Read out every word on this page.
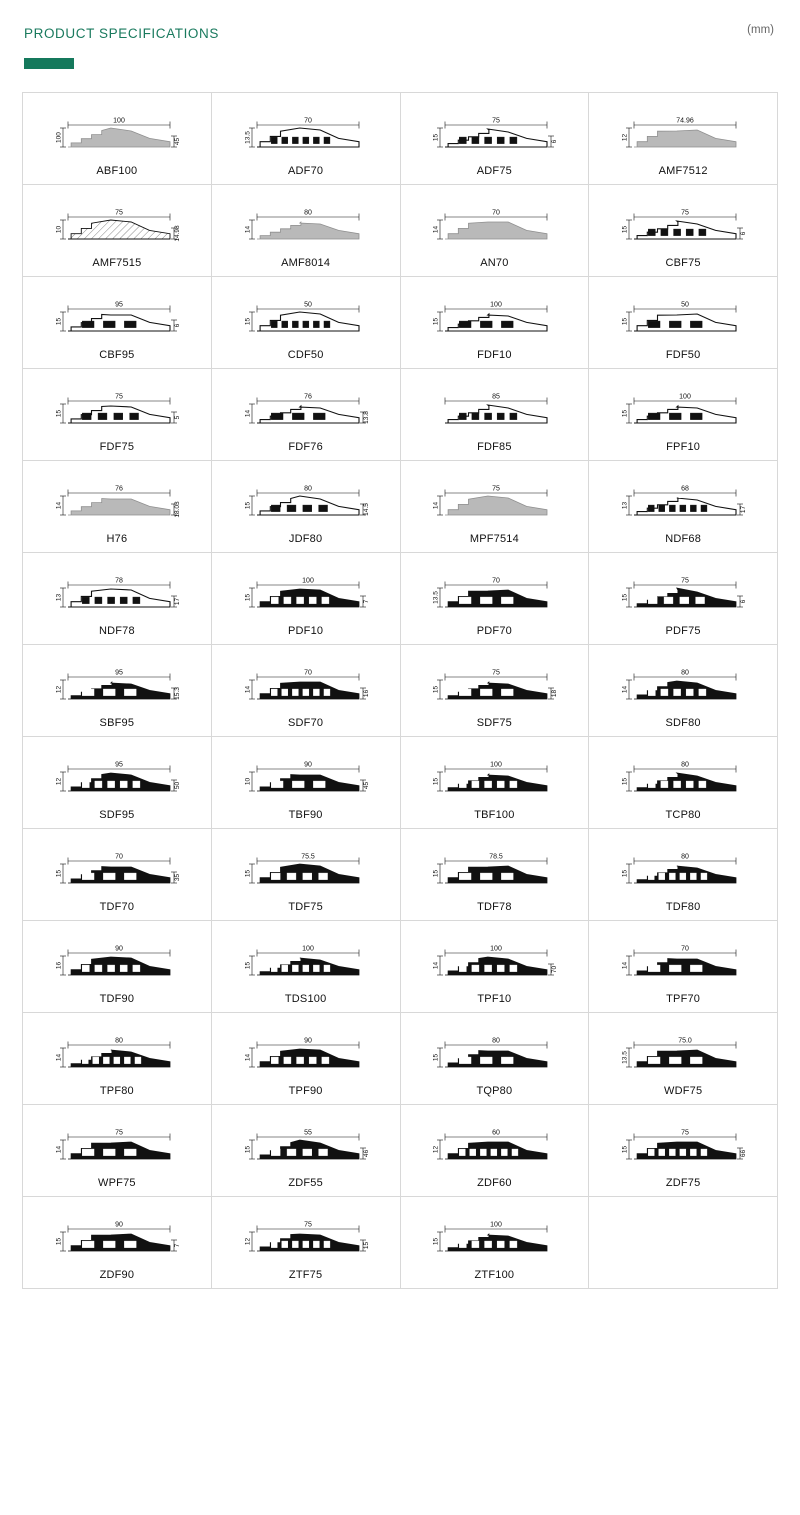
PRODUCT SPECIFICATIONS	(mm)
100
100	45
ABF100
70
13.5
ADF70
75
15
6
ADF75
74.96
12
AMF7512
75
10	14.98
AMF7515
80
14
AMF8014
70
14
AN70
75
15
6
CBF75
95
15
6
CBF95
50
15
CDF50
100
15
FDF10
50
15
FDF50
75
15
5
FDF75
76
14	13.8
FDF76
85
FDF85
100
15
FPF10
76
14	18.03
H76
80
15	14.5
JDF80
75
14
MPF7514
68
13
17
NDF68
78
13
17
NDF78
100
15
7
PDF10
70
13.5
PDF70
75
15
6
PDF75
95
12	15.3
SBF95
70
14
16
SDF70
75
15
18
SDF75
80
14
SDF80
95
12
50
SDF95
90
10
45
TBF90
100
15
TBF100
80
15
TCP80
70
15
35
TDF70
75.5
15
TDF75
78.5
15
TDF78
80
15
TDF80
90
16
TDF90
100
15
TDS100
100
14
70
TPF10
70
14
TPF70
80
14
TPF80
90
14
TPF90
80
15
TQP80
75.0
13.5
WDF75
75
14
WPF75
55
15
46
ZDF55
60
12
ZDF60
75
15
66
ZDF75
90
15
7
ZDF90
75
12
15
ZTF75
100
15
ZTF100
